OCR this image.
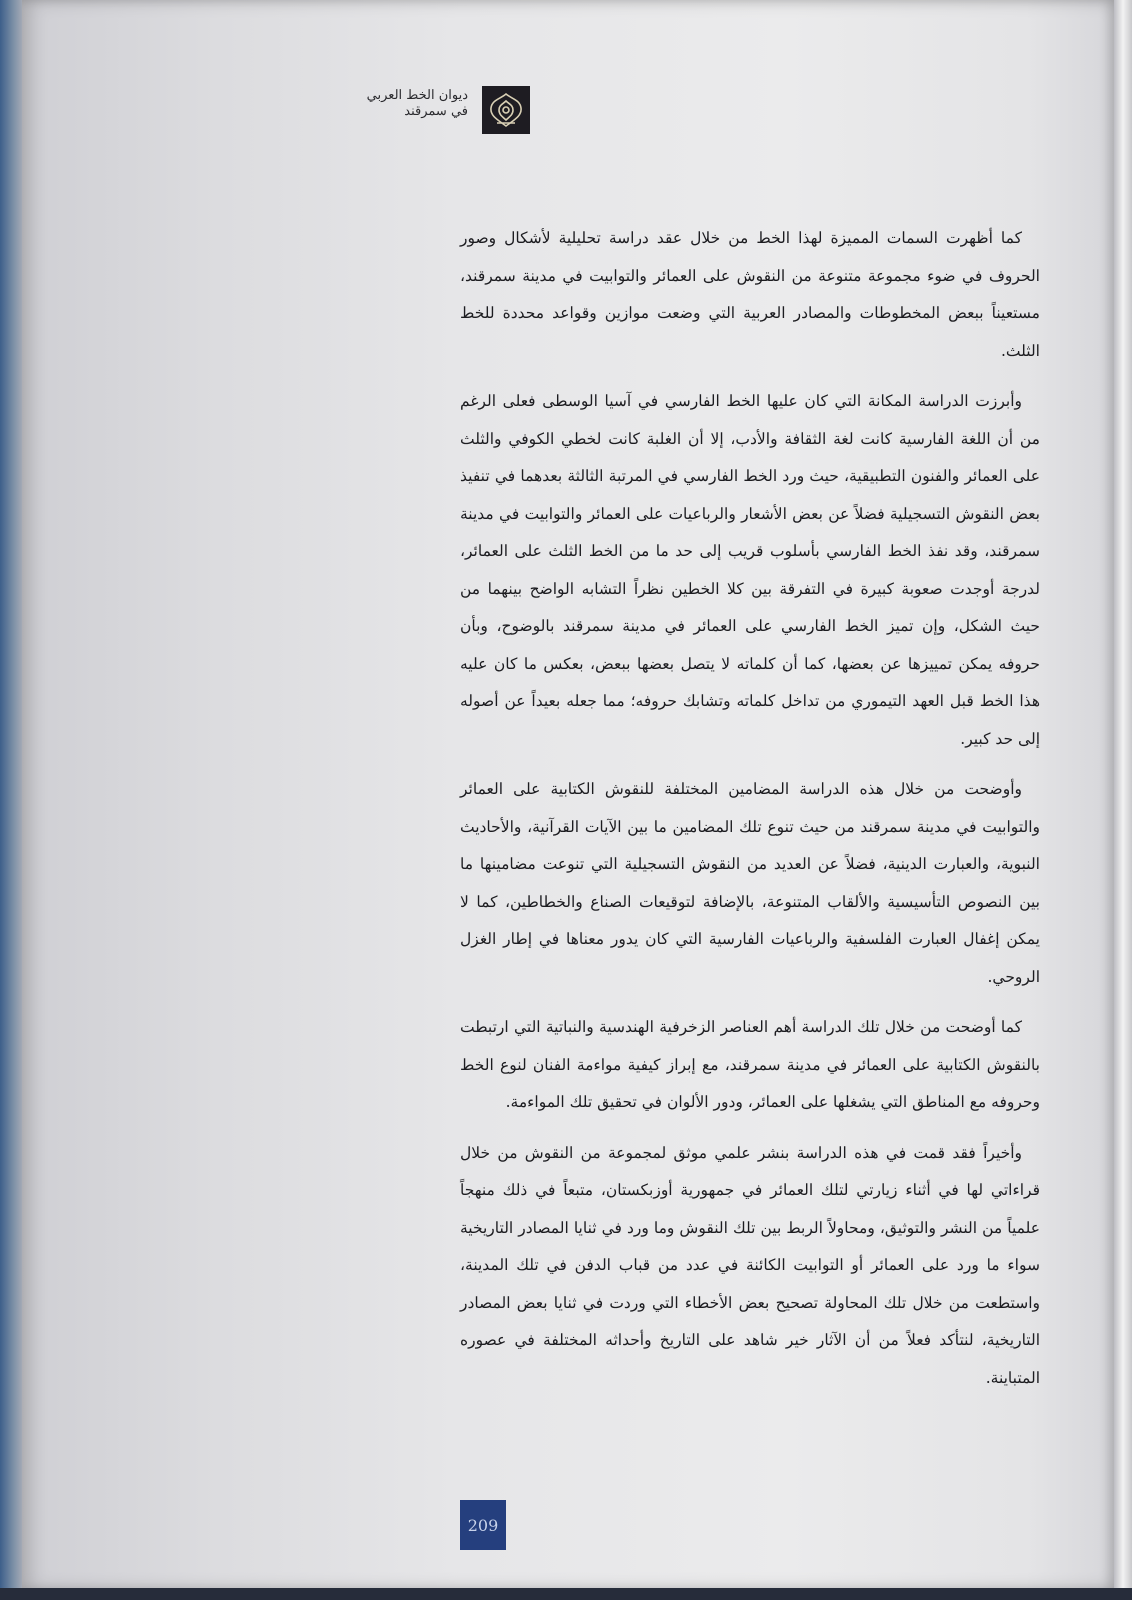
ديوان الخط العربي
في سمرقند

كما أظهرت السمات المميزة لهذا الخط من خلال عقد دراسة تحليلية لأشكال وصور الحروف في ضوء مجموعة متنوعة من النقوش على العمائر والتوابيت في مدينة سمرقند، مستعيناً ببعض المخطوطات والمصادر العربية التي وضعت موازين وقواعد محددة للخط الثلث.

وأبرزت الدراسة المكانة التي كان عليها الخط الفارسي في آسيا الوسطى فعلى الرغم من أن اللغة الفارسية كانت لغة الثقافة والأدب، إلا أن الغلبة كانت لخطي الكوفي والثلث على العمائر والفنون التطبيقية، حيث ورد الخط الفارسي في المرتبة الثالثة بعدهما في تنفيذ بعض النقوش التسجيلية فضلاً عن بعض الأشعار والرباعيات على العمائر والتوابيت في مدينة سمرقند، وقد نفذ الخط الفارسي بأسلوب قريب إلى حد ما من الخط الثلث على العمائر، لدرجة أوجدت صعوبة كبيرة في التفرقة بين كلا الخطين نظراً التشابه الواضح بينهما من حيث الشكل، وإن تميز الخط الفارسي على العمائر في مدينة سمرقند بالوضوح، وبأن حروفه يمكن تمييزها عن بعضها، كما أن كلماته لا يتصل بعضها ببعض، بعكس ما كان عليه هذا الخط قبل العهد التيموري من تداخل كلماته وتشابك حروفه؛ مما جعله بعيداً عن أصوله إلى حد كبير.

وأوضحت من خلال هذه الدراسة المضامين المختلفة للنقوش الكتابية على العمائر والتوابيت في مدينة سمرقند من حيث تنوع تلك المضامين ما بين الآيات القرآنية، والأحاديث النبوية، والعبارت الدينية، فضلاً عن العديد من النقوش التسجيلية التي تنوعت مضامينها ما بين النصوص التأسيسية والألقاب المتنوعة، بالإضافة لتوقيعات الصناع والخطاطين، كما لا يمكن إغفال العبارت الفلسفية والرباعيات الفارسية التي كان يدور معناها في إطار الغزل الروحي.

كما أوضحت من خلال تلك الدراسة أهم العناصر الزخرفية الهندسية والنباتية التي ارتبطت بالنقوش الكتابية على العمائر في مدينة سمرقند، مع إبراز كيفية مواءمة الفنان لنوع الخط وحروفه مع المناطق التي يشغلها على العمائر، ودور الألوان في تحقيق تلك المواءمة.

وأخيراً فقد قمت في هذه الدراسة بنشر علمي موثق لمجموعة من النقوش من خلال قراءاتي لها في أثناء زيارتي لتلك العمائر في جمهورية أوزبكستان، متبعاً في ذلك منهجاً علمياً من النشر والتوثيق، ومحاولاً الربط بين تلك النقوش وما ورد في ثنايا المصادر التاريخية سواء ما ورد على العمائر أو التوابيت الكائنة في عدد من قباب الدفن في تلك المدينة، واستطعت من خلال تلك المحاولة تصحيح بعض الأخطاء التي وردت في ثنايا بعض المصادر التاريخية، لنتأكد فعلاً من أن الآثار خير شاهد على التاريخ وأحداثه المختلفة في عصوره المتباينة.

209
